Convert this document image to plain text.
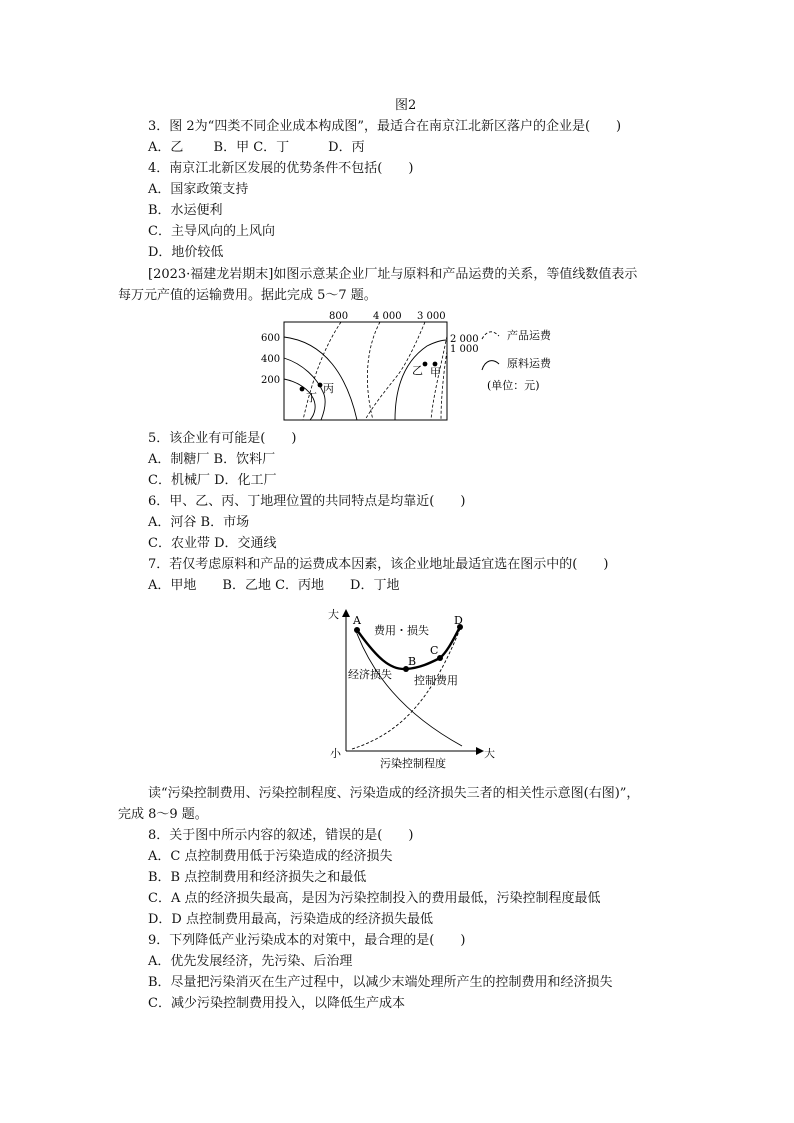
图2
3．图 2为“四类不同企业成本构成图”，最适合在南京江北新区落户的企业是(　　)
A．乙　　 B．甲 C．丁　　　D．丙
4．南京江北新区发展的优势条件不包括(　　)
A．国家政策支持
B．水运便利
C．主导风向的上风向
D．地价较低
[2023·福建龙岩期末]如图示意某企业厂址与原料和产品运费的关系，等值线数值表示
每万元产值的运输费用。据此完成 5～7 题。
800 4 000 3 000
600
400
200
2 000
1 000
丁
丙
乙 甲
产品运费
原料运费
(单位：元)
5．该企业有可能是(　　)
A．制糖厂 B．饮料厂
C．机械厂 D．化工厂
6．甲、乙、丙、丁地理位置的共同特点是均靠近(　　)
A．河谷 B．市场
C．农业带 D．交通线
7．若仅考虑原料和产品的运费成本因素，该企业地址最适宜选在图示中的(　　)
A．甲地　　B．乙地 C．丙地　　D．丁地
大
小	大
污染控制程度
A
B
C
D
费用・损失
经济损失 控制费用
读“污染控制费用、污染控制程度、污染造成的经济损失三者的相关性示意图(右图)”，
完成 8～9 题。
8．关于图中所示内容的叙述，错误的是(　　)
A．C 点控制费用低于污染造成的经济损失
B．B 点控制费用和经济损失之和最低
C．A 点的经济损失最高，是因为污染控制投入的费用最低，污染控制程度最低
D．D 点控制费用最高，污染造成的经济损失最低
9．下列降低产业污染成本的对策中，最合理的是(　　)
A．优先发展经济，先污染、后治理
B．尽量把污染消灭在生产过程中，以减少末端处理所产生的控制费用和经济损失
C．减少污染控制费用投入，以降低生产成本
